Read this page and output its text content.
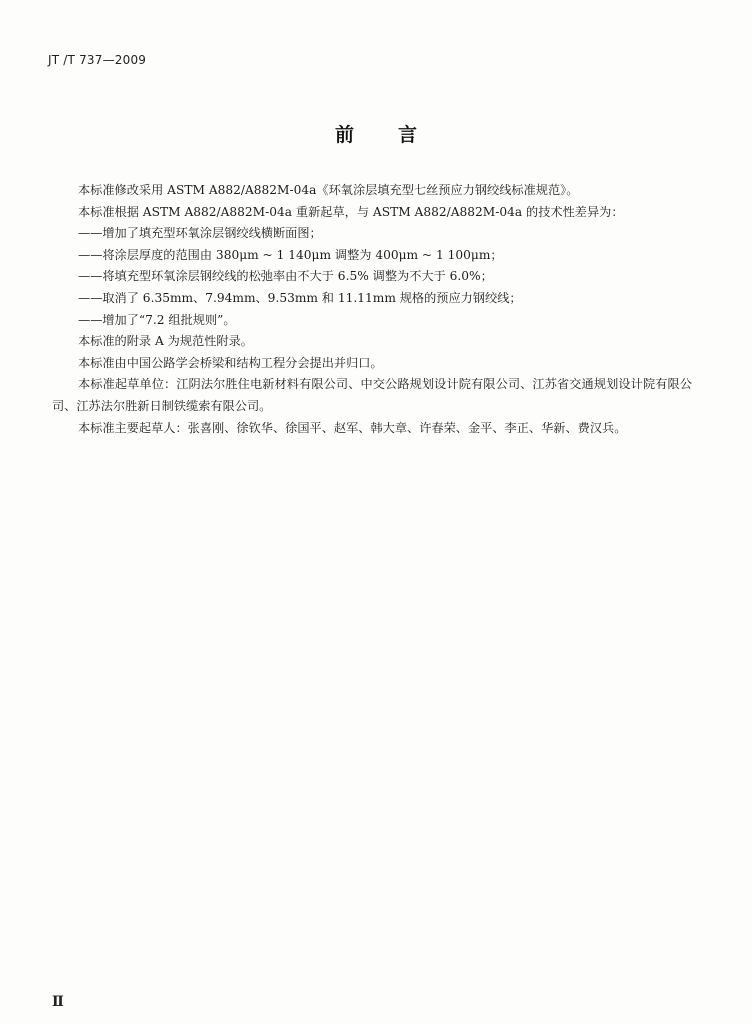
JT /T 737—2009
前言

本标准修改采用 ASTM A882/A882M-04a《环氧涂层填充型七丝预应力钢绞线标准规范》。

本标准根据 ASTM A882/A882M-04a 重新起草，与 ASTM A882/A882M-04a 的技术性差异为：

——增加了填充型环氧涂层钢绞线横断面图；

——将涂层厚度的范围由 380μm ~ 1 140μm 调整为 400μm ~ 1 100μm；

——将填充型环氧涂层钢绞线的松弛率由不大于 6.5% 调整为不大于 6.0%；

——取消了 6.35mm、7.94mm、9.53mm 和 11.11mm 规格的预应力钢绞线；

——增加了“7.2 组批规则”。

本标准的附录 A 为规范性附录。

本标准由中国公路学会桥梁和结构工程分会提出并归口。

本标准起草单位：江阴法尔胜住电新材料有限公司、中交公路规划设计院有限公司、江苏省交通规划设计院有限公司、江苏法尔胜新日制铁缆索有限公司。

本标准主要起草人：张喜刚、徐钦华、徐国平、赵军、韩大章、许春荣、金平、李正、华新、费汉兵。

Ⅱ
